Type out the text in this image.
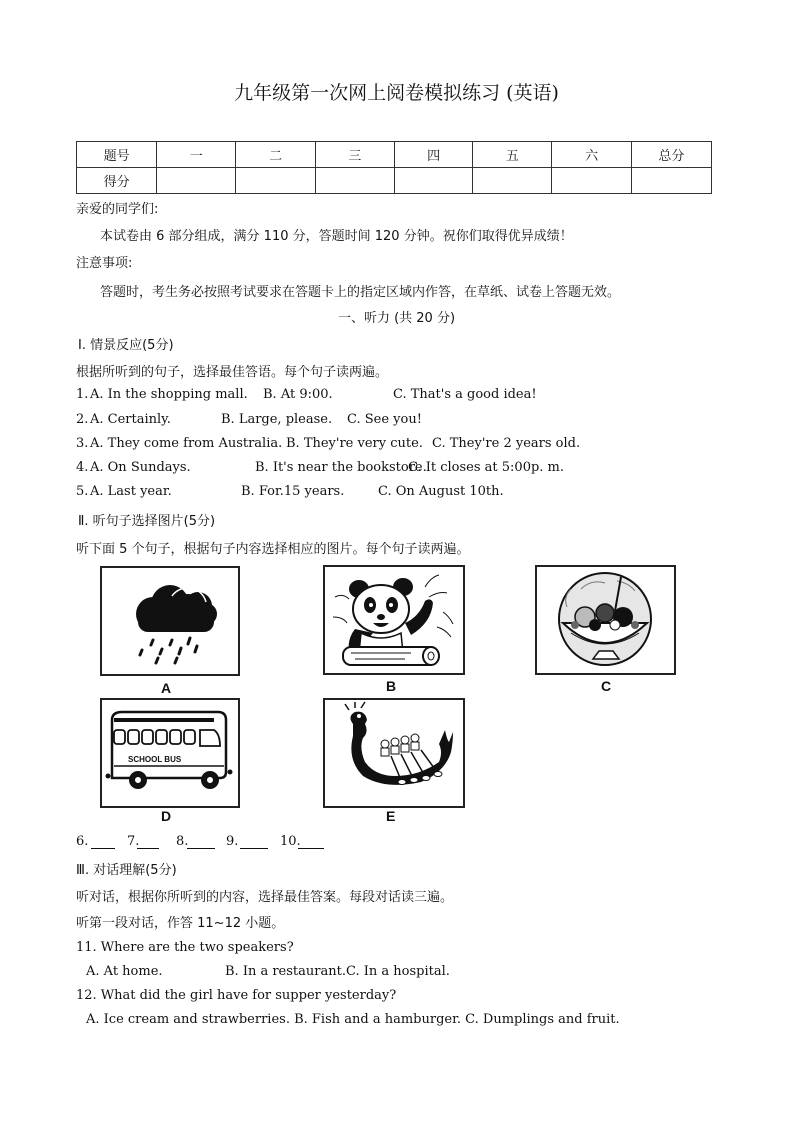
九年级第一次网上阅卷模拟练习 (英语)
题号	一	二	三	四	五	六	总分
得分							
亲爱的同学们:
本试卷由 6 部分组成，满分 110 分，答题时间 120 分钟。祝你们取得优异成绩！
注意事项:
答题时，考生务必按照考试要求在答题卡上的指定区域内作答，在草纸、试卷上答题无效。
一、听力 (共 20 分)
Ⅰ. 情景反应(5分)
根据所听到的句子，选择最佳答语。每个句子读两遍。
1. A. In the shopping mall. B. At 9:00.	C. That's a good idea!
2. A. Certainly.	B. Large, please. C. See you!
3. A. They come from Australia. B. They're very cute. C. They're 2 years old.
4. A. On Sundays.	B. It's near the bookstore.
C. It closes at 5:00p. m.
5. A. Last year.	B. For.15 years.	C. On August 10th.
Ⅱ. 听句子选择图片(5分)
听下面 5 个句子，根据句子内容选择相应的图片。每个句子读两遍。
A	B	C
SCHOOL BUS
D	E
6.	7.	8.	9.	10.
Ⅲ. 对话理解(5分)
听对话，根据你所听到的内容，选择最佳答案。每段对话读三遍。
听第一段对话，作答 11~12 小题。
11. Where are the two speakers?
A. At home.	B. In a restaurant. C. In a hospital.
12. What did the girl have for supper yesterday?
A. Ice cream and strawberries. B. Fish and a hamburger. C. Dumplings and fruit.
